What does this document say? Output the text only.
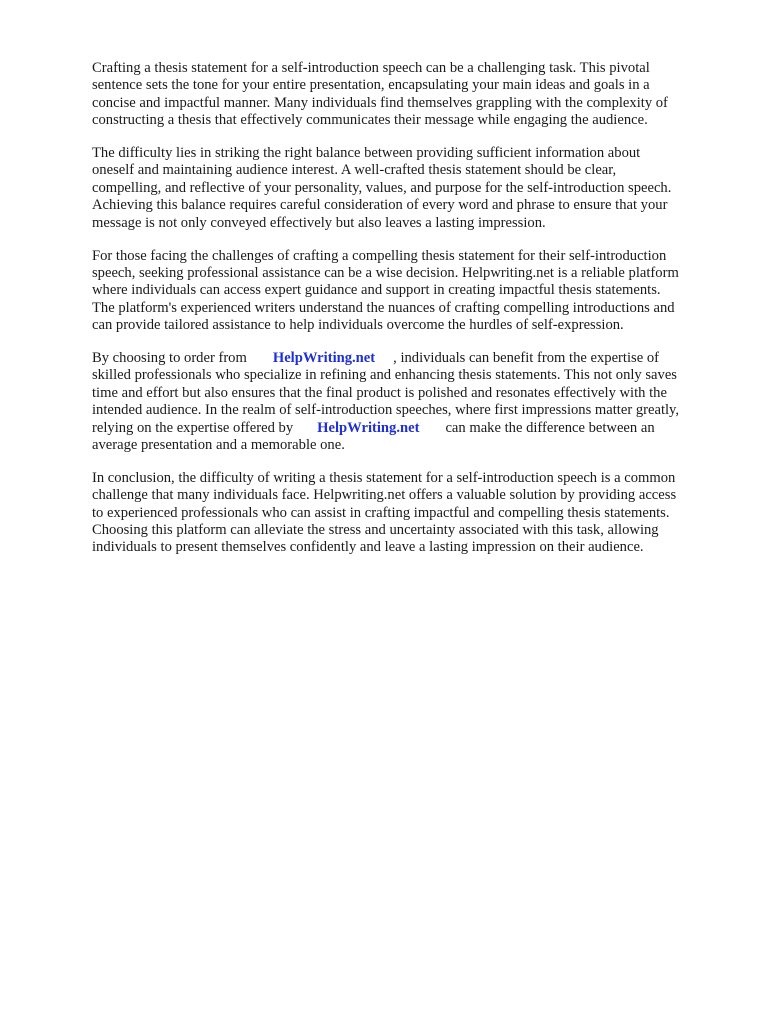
Crafting a thesis statement for a self-introduction speech can be a challenging task. This pivotal
sentence sets the tone for your entire presentation, encapsulating your main ideas and goals in a
concise and impactful manner. Many individuals find themselves grappling with the complexity of
constructing a thesis that effectively communicates their message while engaging the audience.

The difficulty lies in striking the right balance between providing sufficient information about
oneself and maintaining audience interest. A well-crafted thesis statement should be clear,
compelling, and reflective of your personality, values, and purpose for the self-introduction speech.
Achieving this balance requires careful consideration of every word and phrase to ensure that your
message is not only conveyed effectively but also leaves a lasting impression.

For those facing the challenges of crafting a compelling thesis statement for their self-introduction
speech, seeking professional assistance can be a wise decision. Helpwriting.net is a reliable platform
where individuals can access expert guidance and support in creating impactful thesis statements.
The platform's experienced writers understand the nuances of crafting compelling introductions and
can provide tailored assistance to help individuals overcome the hurdles of self-expression.

By choosing to order from HelpWriting.net , individuals can benefit from the expertise of
skilled professionals who specialize in refining and enhancing thesis statements. This not only saves
time and effort but also ensures that the final product is polished and resonates effectively with the
intended audience. In the realm of self-introduction speeches, where first impressions matter greatly,
relying on the expertise offered by HelpWriting.net can make the difference between an
average presentation and a memorable one.

In conclusion, the difficulty of writing a thesis statement for a self-introduction speech is a common
challenge that many individuals face. Helpwriting.net offers a valuable solution by providing access
to experienced professionals who can assist in crafting impactful and compelling thesis statements.
Choosing this platform can alleviate the stress and uncertainty associated with this task, allowing
individuals to present themselves confidently and leave a lasting impression on their audience.
